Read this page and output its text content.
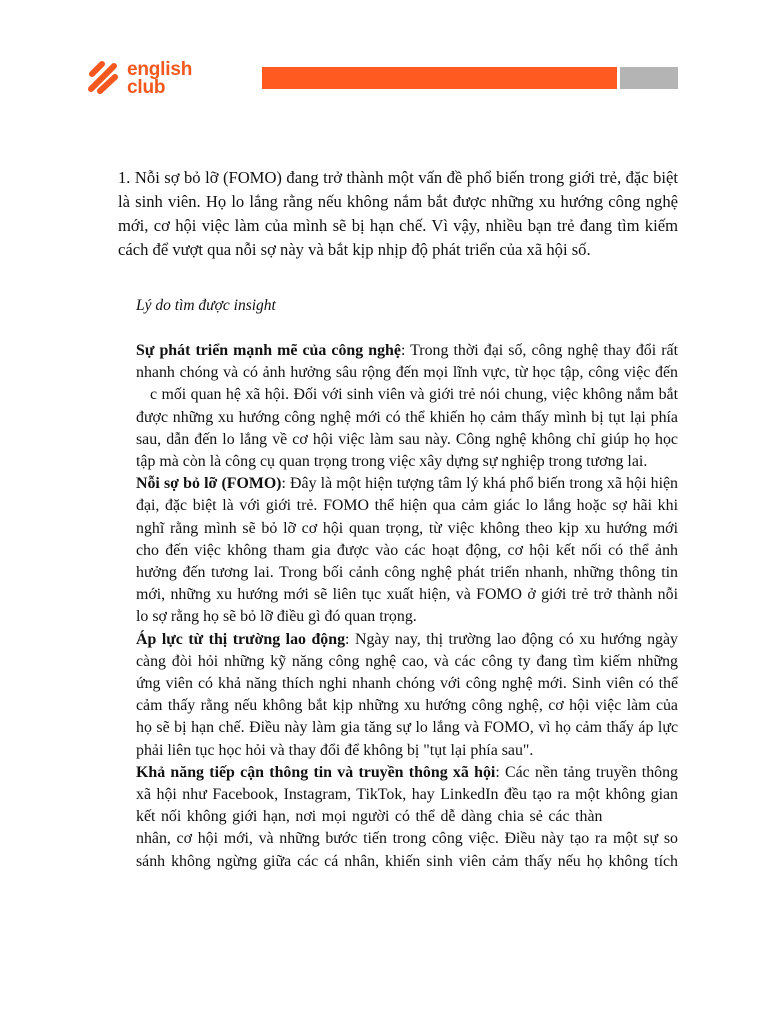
english
club
1. Nỗi sợ bỏ lỡ (FOMO) đang trở thành một vấn đề phổ biến trong giới trẻ, đặc biệt
là sinh viên. Họ lo lắng rằng nếu không nắm bắt được những xu hướng công nghệ
mới, cơ hội việc làm của mình sẽ bị hạn chế. Vì vậy, nhiều bạn trẻ đang tìm kiếm
cách để vượt qua nỗi sợ này và bắt kịp nhịp độ phát triển của xã hội số.
Lý do tìm được insight
Sự phát triển mạnh mẽ của công nghệ: Trong thời đại số, công nghệ thay đổi rất
nhanh chóng và có ảnh hưởng sâu rộng đến mọi lĩnh vực, từ học tập, công việc đến
c mối quan hệ xã hội. Đối với sinh viên và giới trẻ nói chung, việc không nắm bắt
được những xu hướng công nghệ mới có thể khiến họ cảm thấy mình bị tụt lại phía
sau, dẫn đến lo lắng về cơ hội việc làm sau này. Công nghệ không chỉ giúp họ học
tập mà còn là công cụ quan trọng trong việc xây dựng sự nghiệp trong tương lai.
Nỗi sợ bỏ lỡ (FOMO): Đây là một hiện tượng tâm lý khá phổ biến trong xã hội hiện
đại, đặc biệt là với giới trẻ. FOMO thể hiện qua cảm giác lo lắng hoặc sợ hãi khi
nghĩ rằng mình sẽ bỏ lỡ cơ hội quan trọng, từ việc không theo kịp xu hướng mới
cho đến việc không tham gia được vào các hoạt động, cơ hội kết nối có thể ảnh
hưởng đến tương lai. Trong bối cảnh công nghệ phát triển nhanh, những thông tin
mới, những xu hướng mới sẽ liên tục xuất hiện, và FOMO ở giới trẻ trở thành nỗi
lo sợ rằng họ sẽ bỏ lỡ điều gì đó quan trọng.
Áp lực từ thị trường lao động: Ngày nay, thị trường lao động có xu hướng ngày
càng đòi hỏi những kỹ năng công nghệ cao, và các công ty đang tìm kiếm những
ứng viên có khả năng thích nghi nhanh chóng với công nghệ mới. Sinh viên có thể
cảm thấy rằng nếu không bắt kịp những xu hướng công nghệ, cơ hội việc làm của
họ sẽ bị hạn chế. Điều này làm gia tăng sự lo lắng và FOMO, vì họ cảm thấy áp lực
phải liên tục học hỏi và thay đổi để không bị "tụt lại phía sau".
Khả năng tiếp cận thông tin và truyền thông xã hội: Các nền tảng truyền thông
xã hội như Facebook, Instagram, TikTok, hay LinkedIn đều tạo ra một không gian
kết nối không giới hạn, nơi mọi người có thể dễ dàng chia sẻ các thàn
nhân, cơ hội mới, và những bước tiến trong công việc. Điều này tạo ra một sự so
sánh không ngừng giữa các cá nhân, khiến sinh viên cảm thấy nếu họ không tích
